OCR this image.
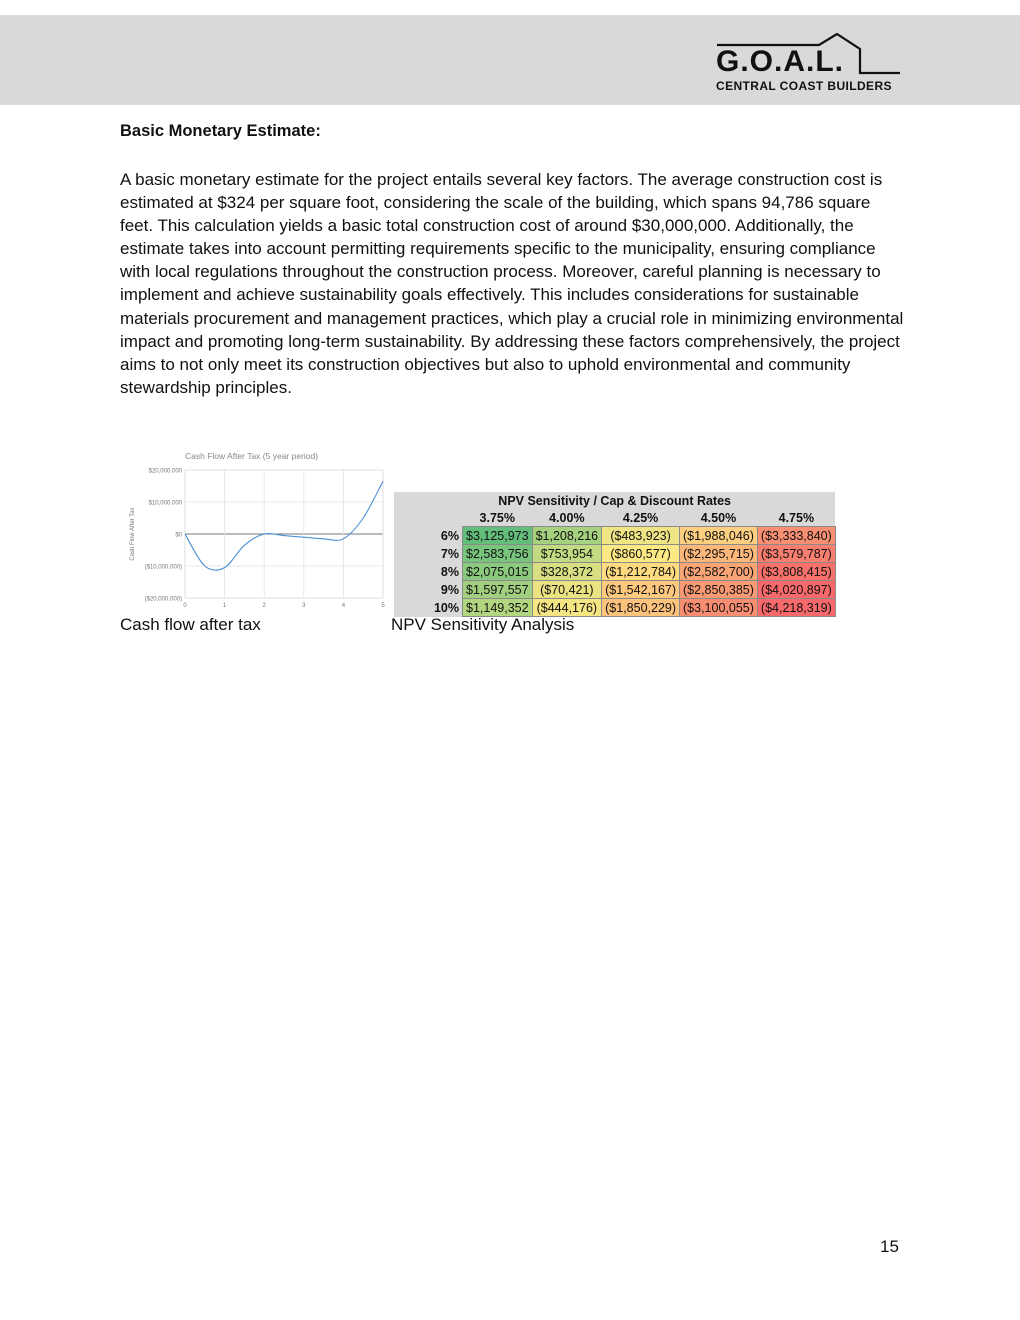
G.O.A.L.
CENTRAL COAST BUILDERS
Basic Monetary Estimate:
A basic monetary estimate for the project entails several key factors. The average construction cost is estimated at $324 per square foot, considering the scale of the building, which spans 94,786 square feet. This calculation yields a basic total construction cost of around $30,000,000. Additionally, the estimate takes into account permitting requirements specific to the municipality, ensuring compliance with local regulations throughout the construction process. Moreover, careful planning is necessary to implement and achieve sustainability goals effectively. This includes considerations for sustainable materials procurement and management practices, which play a crucial role in minimizing environmental impact and promoting long-term sustainability. By addressing these factors comprehensively, the project aims to not only meet its construction objectives but also to uphold environmental and community stewardship principles.
Cash Flow After Tax (5 year period)
$20,000,000
$10,000,000
$0
($10,000,000)
($20,000,000)
0	1	2	3	4	5
Cash Flow After Tax
NPV Sensitivity / Cap & Discount Rates					
	3.75%	4.00%	4.25%	4.50%	4.75%
6%	$3,125,973	$1,208,216	($483,923)	($1,988,046)	($3,333,840)
7%	$2,583,756	$753,954	($860,577)	($2,295,715)	($3,579,787)
8%	$2,075,015	$328,372	($1,212,784)	($2,582,700)	($3,808,415)
9%	$1,597,557	($70,421)	($1,542,167)	($2,850,385)	($4,020,897)
10%	$1,149,352	($444,176)	($1,850,229)	($3,100,055)	($4,218,319)
Cash flow after tax	NPV Sensitivity Analysis
15
